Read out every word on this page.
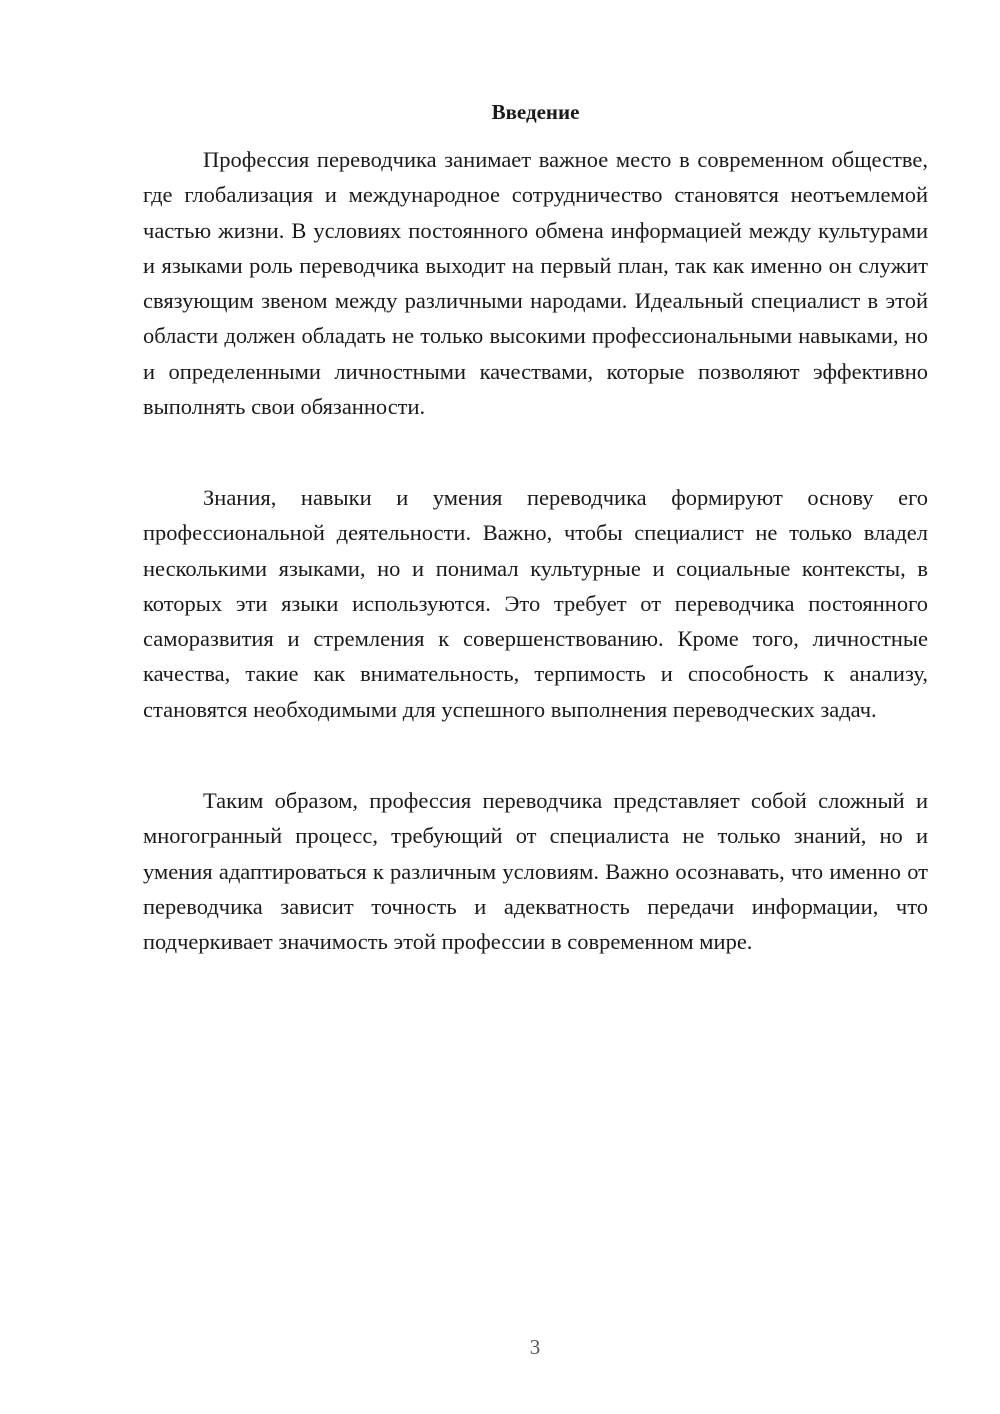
Введение

Профессия переводчика занимает важное место в современном обществе, где глобализация и международное сотрудничество становятся неотъемлемой частью жизни. В условиях постоянного обмена информацией между культурами и языками роль переводчика выходит на первый план, так как именно он служит связующим звеном между различными народами. Идеальный специалист в этой области должен обладать не только высокими профессиональными навыками, но и определенными личностными качествами, которые позволяют эффективно выполнять свои обязанности.

Знания, навыки и умения переводчика формируют основу его профессиональной деятельности. Важно, чтобы специалист не только владел несколькими языками, но и понимал культурные и социальные контексты, в которых эти языки используются. Это требует от переводчика постоянного саморазвития и стремления к совершенствованию. Кроме того, личностные качества, такие как внимательность, терпимость и способность к анализу, становятся необходимыми для успешного выполнения переводческих задач.

Таким образом, профессия переводчика представляет собой сложный и многогранный процесс, требующий от специалиста не только знаний, но и умения адаптироваться к различным условиям. Важно осознавать, что именно от переводчика зависит точность и адекватность передачи информации, что подчеркивает значимость этой профессии в современном мире.

3
